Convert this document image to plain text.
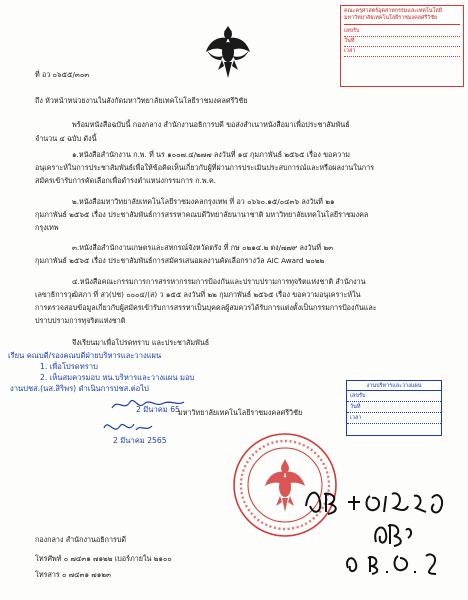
คณะครุศาสตร์อุตสาหกรรมและเทคโนโลยี
มหาวิทยาลัยเทคโนโลยีราชมงคลศรีวิชัย
เลขรับ
วันที่
เวลา
ที่ อว ๐๖๕๕/๓๐๓
ถึง หัวหน้าหน่วยงานในสังกัดมหาวิทยาลัยเทคโนโลยีราชมงคลศรีวิชัย
พร้อมหนังสือฉบับนี้ กองกลาง สำนักงานอธิการบดี ขอส่งสำเนาหนังสือมาเพื่อประชาสัมพันธ์
จำนวน ๔ ฉบับ ดังนี้
๑.หนังสือสำนักงาน ก.พ. ที่ นร ๑๐๐๗.๔/๒๗๗ ลงวันที่ ๑๔ กุมภาพันธ์ ๒๕๖๕ เรื่อง ขอความ
อนุเคราะห์ในการประชาสัมพันธ์เพื่อให้ข้อคิดเห็นเกี่ยวกับผู้ที่ผ่านการประเมินประสบการณ์และหรือผลงานในการ
สมัครเข้ารับการคัดเลือกเพื่อดำรงตำแหน่งกรรมการ ก.พ.ค.
๒.หนังสือมหาวิทยาลัยเทคโนโลยีราชมงคลกรุงเทพ ที่ อว ๐๖๖๐.๑๕/๐๔๓๖ ลงวันที่ ๒๑
กุมภาพันธ์ ๒๕๖๕ เรื่อง ประชาสัมพันธ์การสรรหาคณบดีวิทยาลัยนานาชาติ มหาวิทยาลัยเทคโนโลยีราชมงคล
กรุงเทพ
๓.หนังสือสำนักงานเกษตรและสหกรณ์จังหวัดตรัง ที่ กษ ๐๒๑๔.๒ ตง/๗๗๙ ลงวันที่ ๒๓
กุมภาพันธ์ ๒๕๖๕ เรื่อง ประชาสัมพันธ์การสมัครเสนอผลงานคัดเลือกรางวัล AIC Award ๒๐๒๒
๔.หนังสือคณะกรรมการการสรรหากรรมการป้องกันและปราบปรามการทุจริตแห่งชาติ สำนักงาน
เลขาธิการวุฒิสภา ที่ สว(ปช) ๐๐๐๔/(ส) ว ๑๕๕ ลงวันที่ ๒๒ กุมภาพันธ์ ๒๕๖๕ เรื่อง ขอความอนุเคราะห์ใน
การตรวจสอบข้อมูลเกี่ยวกับผู้สมัครเข้ารับการสรรหาเป็นบุคคลผู้สมควรได้รับการแต่งตั้งเป็นกรรมการป้องกันและ
ปราบปรามการทุจริตแห่งชาติ
จึงเรียนมาเพื่อโปรดทราบ และประชาสัมพันธ์
เรียน คณบดี/รองคณบดีฝ่ายบริหารและวางแผน
1. เพื่อโปรดทราบ
2. เห็นสมควรมอบ หน.บริหารและวางแผน มอบ
งานปชส.(นส.สิริพร) ดำเนินการปชส.ต่อไป
2 มีนาคม 65
2 มีนาคม 2565
งานบริหารและวางแผน
เลขรับ
วันที่
เวลา
มหาวิทยาลัยเทคโนโลยีราชมงคลศรีวิชัย
กองกลาง สำนักงานอธิการบดี
โทรศัพท์ ๐ ๗๔๓๑ ๗๑๒๒ เบอร์ภายใน ๒๑๐๐
โทรสาร ๐ ๗๔๓๑ ๗๑๒๓
